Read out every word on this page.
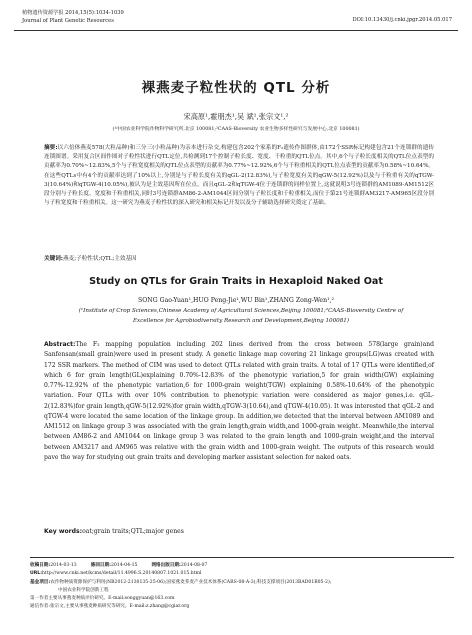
植物遗传资源学报 2014,15(5):1034-1039
Journal of Plant Genetic Resources	DOI:10.13430/j.cnki.jpgr.2014.05.017
裸燕麦子粒性状的 QTL 分析
宋高原¹,霍朋杰¹,吴 斌¹,张宗文¹,²
(¹中国农业科学院作物科学研究所,北京 100081;²CAAS-Bioversity 农业生物多样性研究与发展中心,北京 100081)
摘要:以六倍体燕麦578(大粒品种)和三分三(小粒品种)为亲本进行杂交,构建包含202个家系的F₂遗传作图群体,由172个SSR标记构建包含21个连锁群的遗传连锁图谱。采用复合区间作图对子粒性状进行QTL定位,共检测到17个控制子粒长度、宽度、千粒重的QTL位点。其中,6个与子粒长度相关的QTL位点表型的贡献率为0.70%~12.83%,5个与子粒宽度相关的QTL位点表型的贡献率为0.77%~12.92%,6个与千粒重相关的QTL位点表型的贡献率为0.58%~10.64%。在这些QTLs中有4个的贡献率达到了10%以上,分别是与子粒长度有关的qGL-2(12.83%),与子粒宽度有关的qGW-5(12.92%)以及与千粒重有关的qTGW-3(10.64%)和qTGW-4(10.05%),被认为是主效基因所在位点。而且qGL-2和qTGW-4位于连锁群的同样位置上,这就说明3号连锁群的AM1089-AM1512区段分别与子粒长度、宽度和千粒重相关,同时3号连锁群AM86-2-AM1044区间分别与子粒长度和千粒重相关,而位于第21号连锁群AM3217-AM965区段分别与子粒宽度和千粒重相关。这一研究为燕麦子粒性状的深入研究和相关标记开发以及分子辅助选择研究奠定了基础。
关键词:燕麦;子粒性状;QTL;主效基因
Study on QTLs for Grain Traits in Hexaploid Naked Oat
SONG Gao-Yuan¹,HUO Peng-Jie¹,WU Bin¹,ZHANG Zong-Wen¹,²
(¹Institute of Crop Sciences,Chinese Academy of Agricultural Sciences,Beijing 100081;²CAAS-Bioversity Centre of Excellence for Agrobiodiversity Research and Development,Beijing 100081)
Abstract:The F₂ mapping population including 202 lines derived from the cross between 578(large grain)and Sanfensan(small grain)were used in present study. A genetic linkage map covering 21 linkage groups(LG)was created with 172 SSR markers. The method of CIM was used to detect QTLs related with grain traits. A total of 17 QTLs were identified,of which 6 for grain length(GL)explaining 0.70%-12.83% of the phenotypic variation,5 for grain width(GW) explaining 0.77%-12.92% of the phenotypic variation,6 for 1000-grain weight(TGW) explaining 0.58%-10.64% of the phenotypic variation. Four QTLs with over 10% contribution to phenotypic variation were considered as major genes,i.e. qGL-2(12.83%)for grain length,qGW-5(12.92%)for grain width,qTGW-3(10.64),and qTGW-4(10.05). It was interested that qGL-2 and qTGW-4 were located the same location of the linkage group. In addition,we detected that the interval between AM1089 and AM1512 on linkage group 3 was associated with the grain length,grain width,and 1000-grain weight. Meanwhile,the interval between AM86-2 and AM1044 on linkage group 3 was related to the grain length and 1000-grain weight,and the interval between AM3217 and AM965 was relative with the grain width and 1000-grain weight. The outputs of this research would pave the way for studying out grain traits and developing marker assistant selection for naked oats.
Key words:oat;grain traits;QTL;major genes
收稿日期:2014-03-13	修回日期:2014-04-15	网络出版日期:2014-08-07
URL:http://www.cnki.net/kcms/detail/11.4996.S.20140807.1021.015.html
基金项目:农作物种质资源保护与利用(NB2012-2130135-25-06);国家燕麦荞麦产业技术体系(CARS-08-A-3);科技支撑项目(2013BAD01B05-2);
中国农业科学院创新工程
第一作者主要从事燕麦种质评价研究。E-mail:songgyuan@163.com
通信作者:张宗文,主要从事燕麦种质研究等研究。E-mail:z.zhang@cgiar.org
